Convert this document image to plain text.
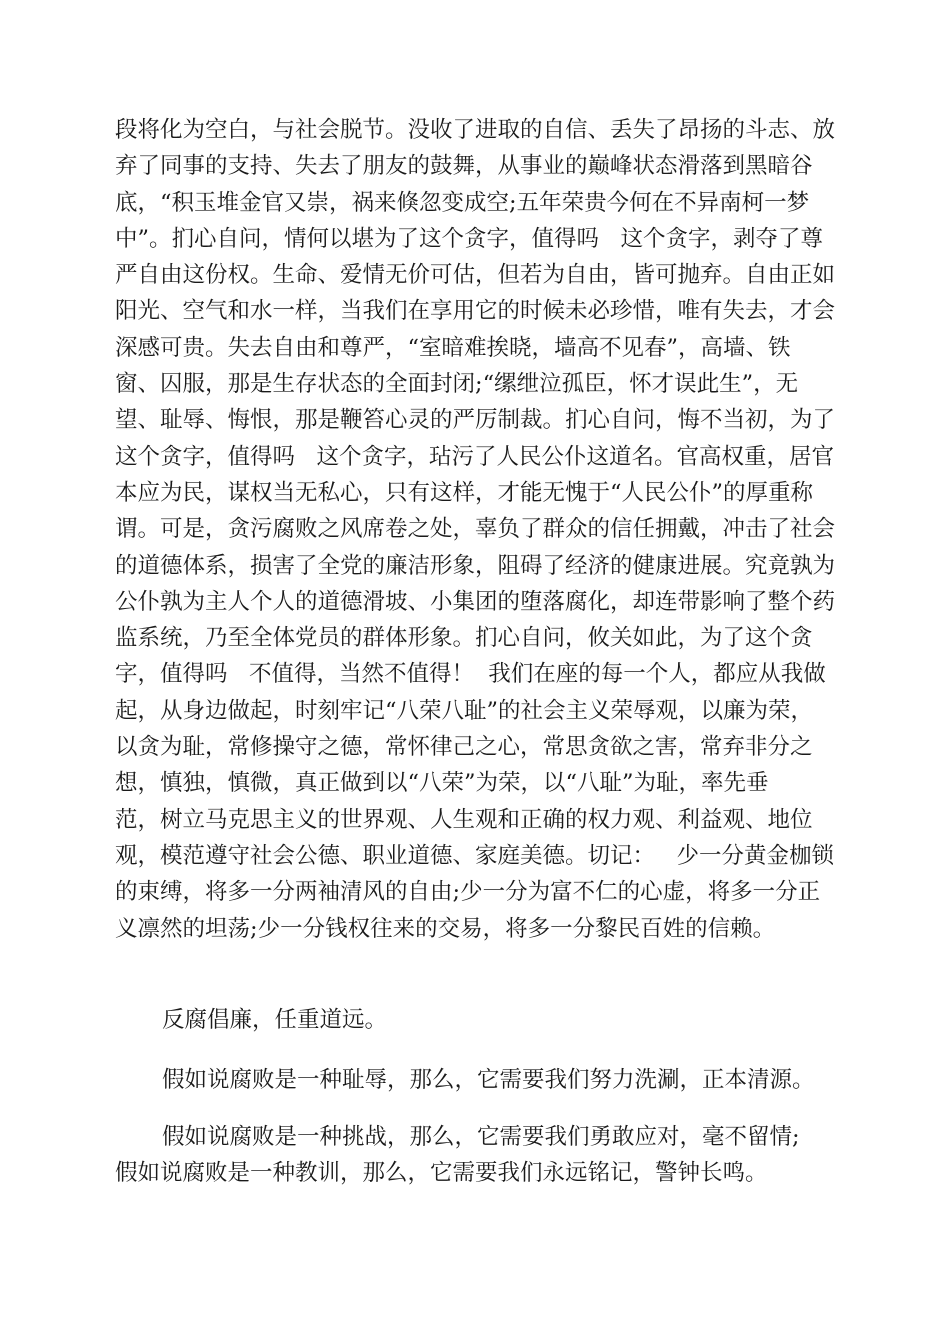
段将化为空白，与社会脱节。没收了进取的自信、丢失了昂扬的斗志、放
弃了同事的支持、失去了朋友的鼓舞，从事业的巅峰状态滑落到黑暗谷
底，“积玉堆金官又崇，祸来倏忽变成空;五年荣贵今何在不异南柯一梦
中”。扪心自问，情何以堪为了这个贪字，值得吗   这个贪字，剥夺了尊
严自由这份权。生命、爱情无价可估，但若为自由，皆可抛弃。自由正如
阳光、空气和水一样，当我们在享用它的时候未必珍惜，唯有失去，才会
深感可贵。失去自由和尊严，“室暗难挨晓，墙高不见春”，高墙、铁
窗、囚服，那是生存状态的全面封闭;“缧绁泣孤臣，怀才误此生”，无
望、耻辱、悔恨，那是鞭笞心灵的严厉制裁。扪心自问，悔不当初，为了
这个贪字，值得吗   这个贪字，玷污了人民公仆这道名。官高权重，居官
本应为民，谋权当无私心，只有这样，才能无愧于“人民公仆”的厚重称
谓。可是，贪污腐败之风席卷之处，辜负了群众的信任拥戴，冲击了社会
的道德体系，损害了全党的廉洁形象，阻碍了经济的健康进展。究竟孰为
公仆孰为主人个人的道德滑坡、小集团的堕落腐化，却连带影响了整个药
监系统，乃至全体党员的群体形象。扪心自问，攸关如此，为了这个贪
字，值得吗   不值得，当然不值得！  我们在座的每一个人，都应从我做
起，从身边做起，时刻牢记“八荣八耻”的社会主义荣辱观，以廉为荣，
以贪为耻，常修操守之德，常怀律己之心，常思贪欲之害，常弃非分之
想，慎独，慎微，真正做到以“八荣”为荣，以“八耻”为耻，率先垂
范，树立马克思主义的世界观、人生观和正确的权力观、利益观、地位
观，模范遵守社会公德、职业道德、家庭美德。切记：   少一分黄金枷锁
的束缚，将多一分两袖清风的自由;少一分为富不仁的心虚，将多一分正
义凛然的坦荡;少一分钱权往来的交易，将多一分黎民百姓的信赖。
反腐倡廉，任重道远。
假如说腐败是一种耻辱，那么，它需要我们努力洗涮，正本清源。
假如说腐败是一种挑战，那么，它需要我们勇敢应对，毫不留情;
假如说腐败是一种教训，那么，它需要我们永远铭记，警钟长鸣。
